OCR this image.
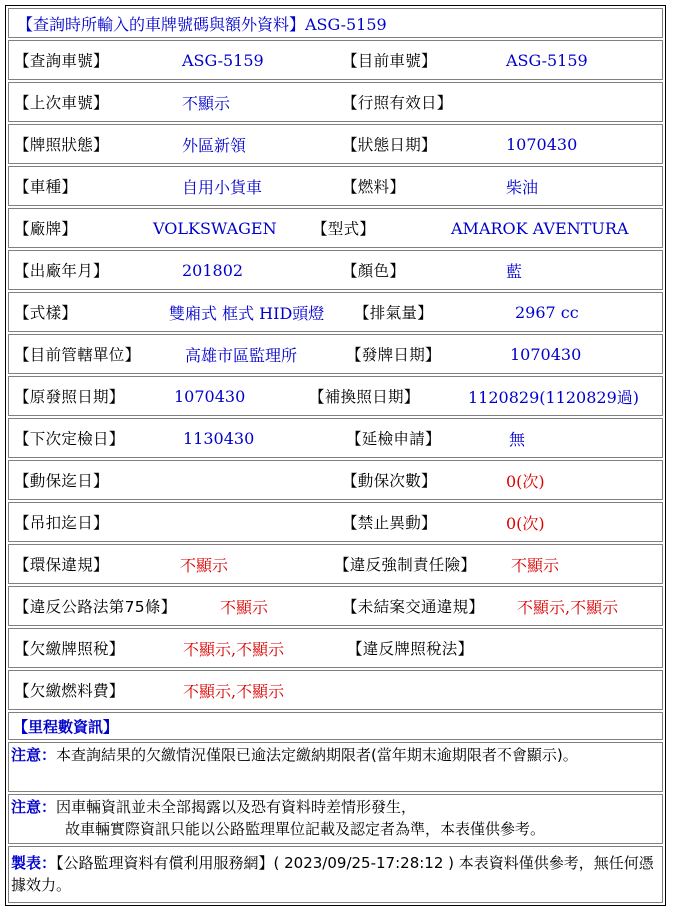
【查詢時所輸入的車牌號碼與額外資料】ASG-5159
【查詢車號】	ASG-5159	【目前車號】	ASG-5159
【上次車號】	不顯示	【行照有效日】
【牌照狀態】	外區新領	【狀態日期】	1070430
【車種】	自用小貨車	【燃料】	柴油
【廠牌】	VOLKSWAGEN 【型式】	AMAROK AVENTURA
【出廠年月】	201802	【顏色】	藍
【式樣】	雙廂式 框式 HID頭燈 【排氣量】	2967 cc
【目前管轄單位】	高雄市區監理所	【發牌日期】	1070430
【原發照日期】	1070430	【補換照日期】	1120829(1120829過)
【下次定檢日】	1130430	【延檢申請】	無
【動保迄日】	【動保次數】	0(次)
【吊扣迄日】	【禁止異動】	0(次)
【環保違規】	不顯示	【違反強制責任險】 不顯示
【違反公路法第75條】	不顯示	【未結案交通違規】 不顯示,不顯示
【欠繳牌照稅】	不顯示,不顯示	【違反牌照稅法】
【欠繳燃料費】	不顯示,不顯示
【里程數資訊】
注意：本查詢結果的欠繳情況僅限已逾法定繳納期限者(當年期末逾期限者不會顯示)。
注意：因車輛資訊並未全部揭露以及恐有資料時差情形發生，
故車輛實際資訊只能以公路監理單位記載及認定者為準，本表僅供參考。
製表：【公路監理資料有償利用服務網】( 2023/09/25-17:28:12 ) 本表資料僅供參考，無任何憑據效力。
